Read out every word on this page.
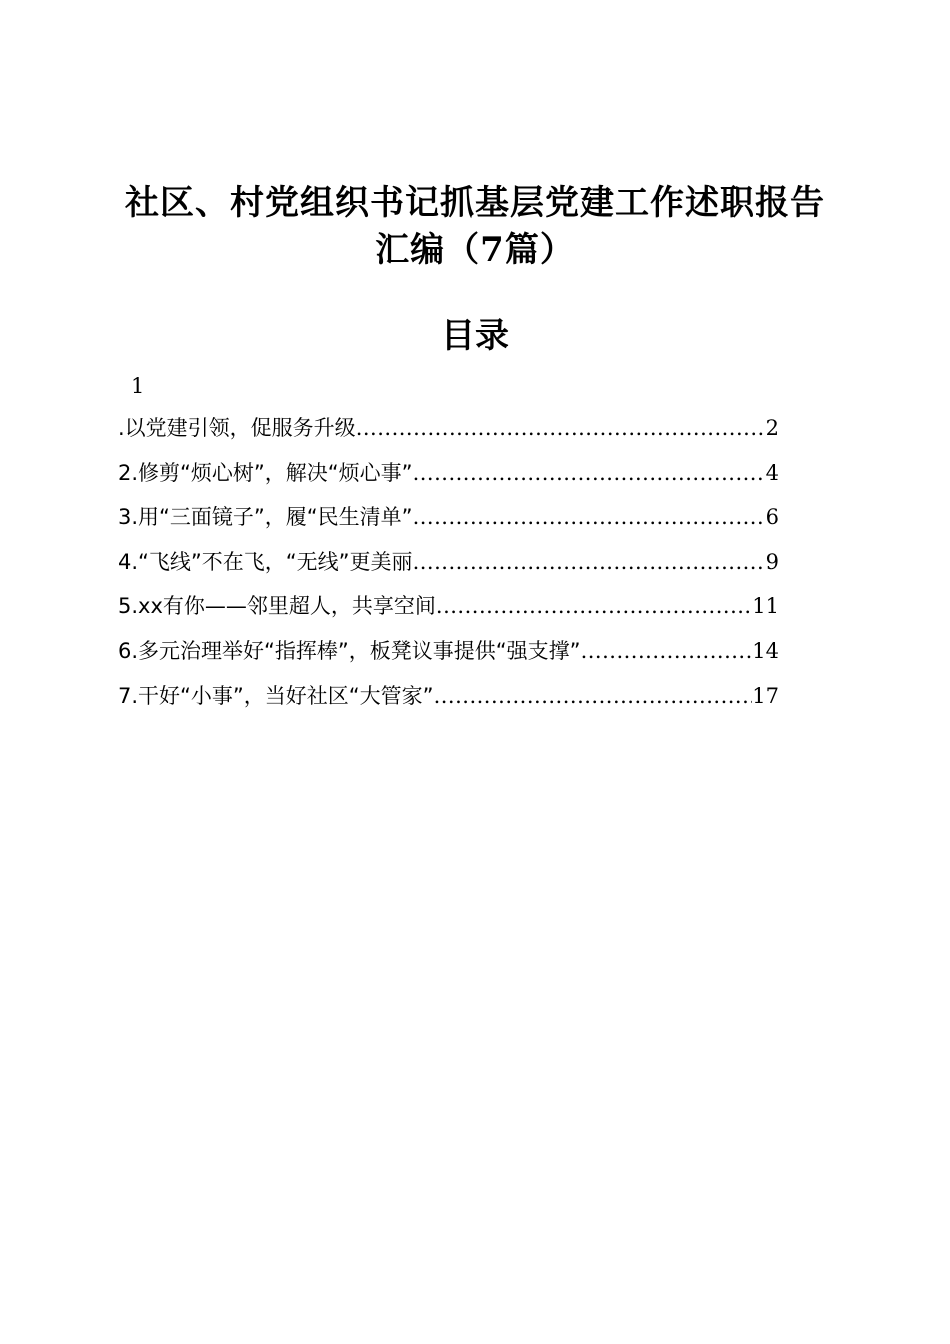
社区、村党组织书记抓基层党建工作述职报告
汇编（7篇）
目录
1
.以党建引领，促服务升级 .....	2
2.修剪“烦心树”，解决“烦心事” .....	4
3.用“三面镜子”，履“民生清单” .....	6
4.“飞线”不在飞，“无线”更美丽 .....	9
5.xx有你——邻里超人，共享空间 .....	11
6.多元治理举好“指挥棒”，板凳议事提供“强支撑” .....	14
7.干好“小事”，当好社区“大管家” .....	17
